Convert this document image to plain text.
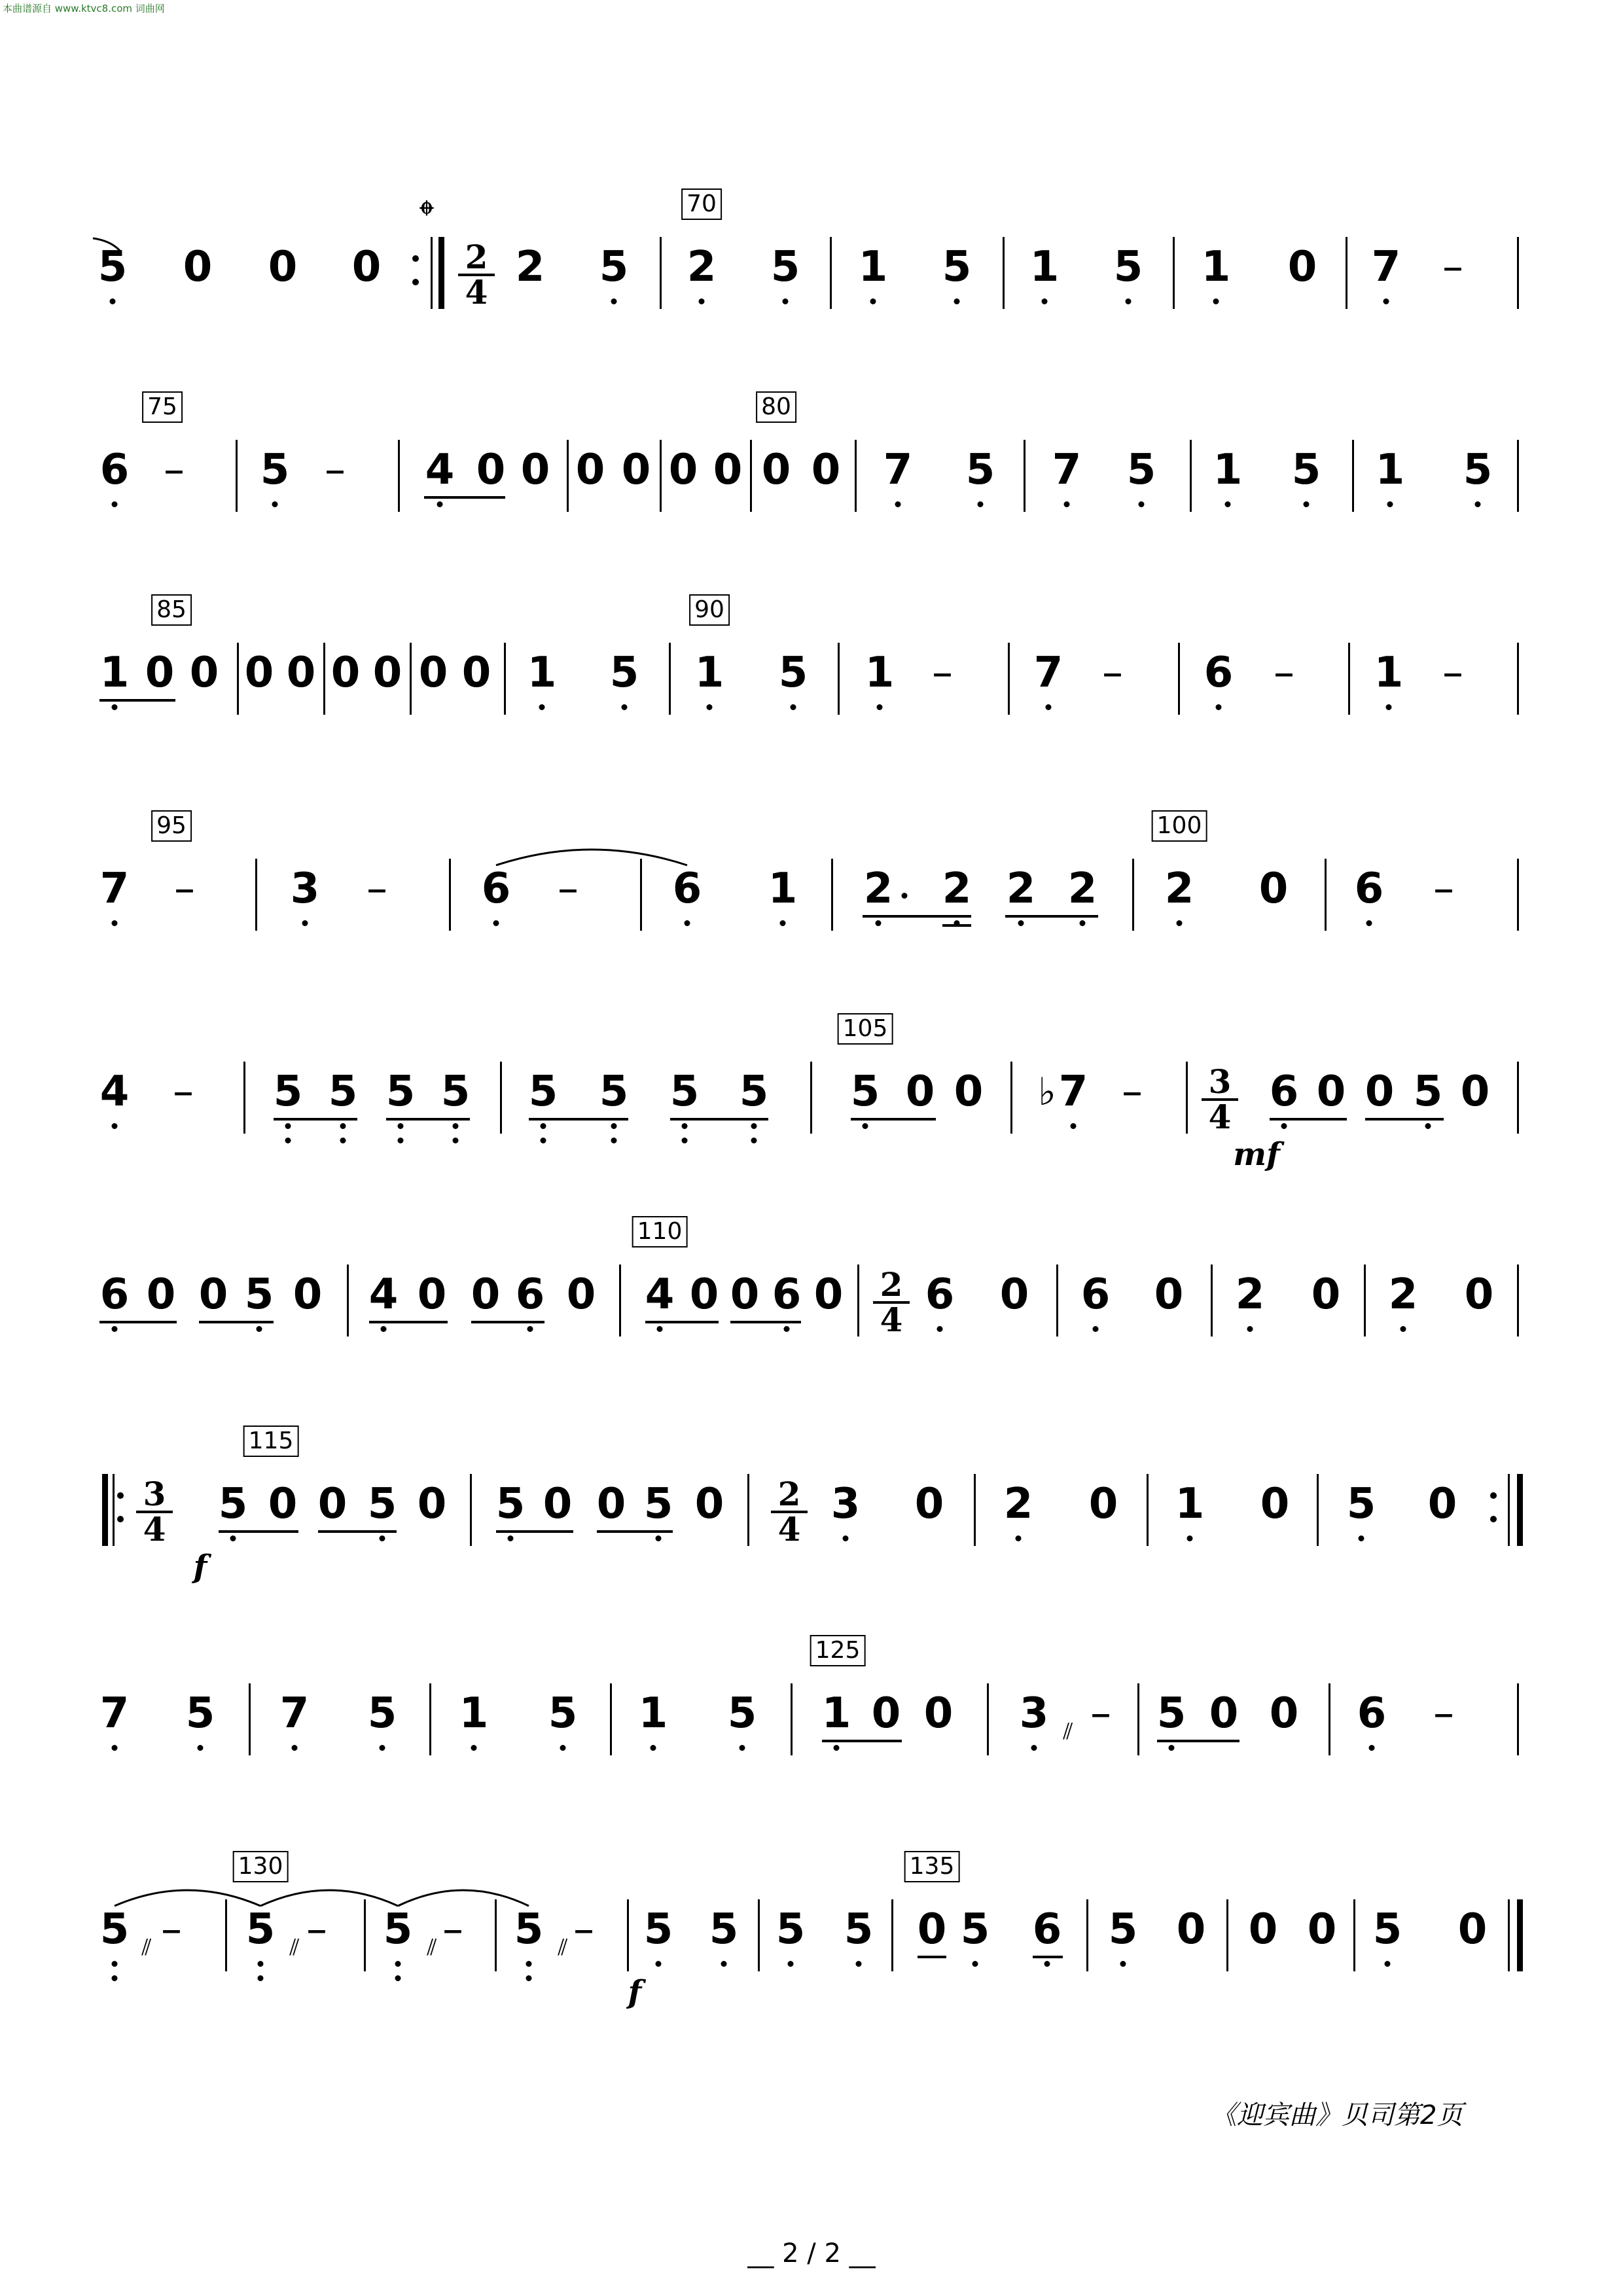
本曲谱源自 www.ktvc8.com 词曲网
5 0 0 0	2
4
2 5
70
2 5 1 5 1 5 1 0 7 –
75
6 – 5 – 4 0 0 0 0 0 0
80
0 0 7 5 7 5 1 5 1 5
85
1 0 0 0 0 0 0 0 0 1 5
90
1 5 1 – 7 – 6 – 1 –
95
7 – 3 – 6 – 6 1 2 2 2 2
100
2 0 6 –
4 – 5 5 5 5 5 5 5 5
105
5 0 0 ♭ 7 – 3
4
6 0 0 5 0
mf
6 0 0 5 0 4 0 0 6 0
110
4 0 0 6 0 2
4
6 0 6 0 2 0 2 0
3
4
115
5 0 0 5 0 5 0 0 5 0 2
4
3 0 2 0 1 0 5 0
f
7 5 7 5 1 5 1 5
125
1 0 0 3 ⫽ – 5 0 0 6 –
130	135
5 ⫽ – 5 ⫽ – 5 ⫽ – 5 ⫽ – 5 5 5 5 0 5 6 5 0 0 0 5 0
f
𝄌
《迎宾曲》贝司第2页
__ 2 / 2 __
